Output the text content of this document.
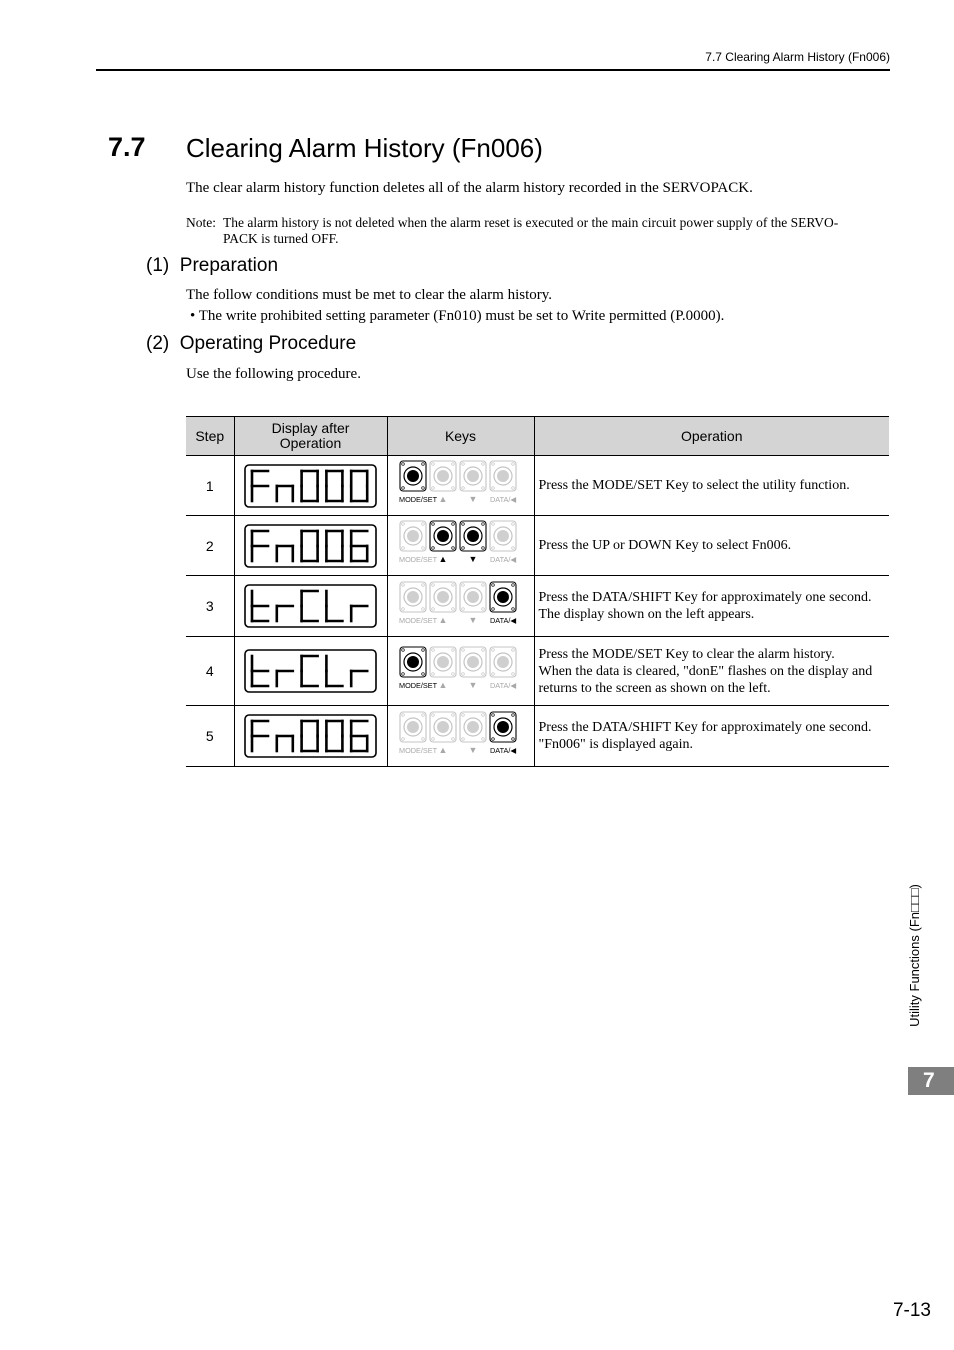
7.7 Clearing Alarm History (Fn006)
7.7 Clearing Alarm History (Fn006)
The clear alarm history function deletes all of the alarm history recorded in the SERVOPACK.
Note: The alarm history is not deleted when the alarm reset is executed or the main circuit power supply of the SERVO-
PACK is turned OFF.
(1)  Preparation
The follow conditions must be met to clear the alarm history.
• The write prohibited setting parameter (Fn010) must be set to Write permitted (P.0000).
(2)  Operating Procedure
Use the following procedure.
Step	Display after
Operation	Keys	Operation
1		MODE/SET ▲ ▼ DATA/◀	Press the MODE/SET Key to select the utility function.

2		MODE/SET ▲ ▼ DATA/◀	Press the UP or DOWN Key to select Fn006.

3		MODE/SET ▲ ▼ DATA/◀	Press the DATA/SHIFT Key for approximately one second.
The display shown on the left appears.

4		MODE/SET ▲ ▼ DATA/◀	Press the MODE/SET Key to clear the alarm history.
When the data is cleared, "donE" flashes on the display and
returns to the screen as shown on the left.

5		MODE/SET ▲ ▼ DATA/◀	Press the DATA/SHIFT Key for approximately one second.
"Fn006" is displayed again.
Utility Functions (Fn□□□)
7
7-13
